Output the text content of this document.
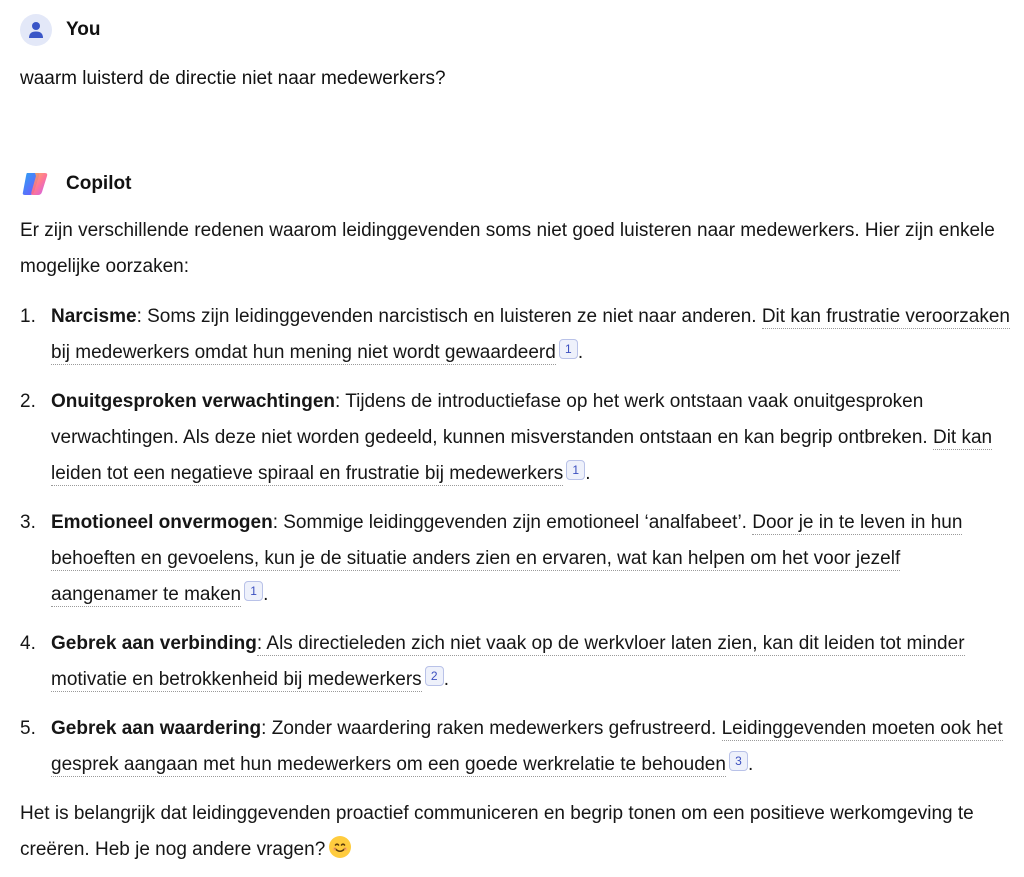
You
waarm luisterd de directie niet naar medewerkers?
Copilot

Er zijn verschillende redenen waarom leidinggevenden soms niet goed luisteren naar medewerkers. Hier zijn enkele mogelijke oorzaken:

1. Narcisme: Soms zijn leidinggevenden narcistisch en luisteren ze niet naar anderen. Dit kan frustratie veroorzaken bij medewerkers omdat hun mening niet wordt gewaardeerd 1 .
2. Onuitgesproken verwachtingen: Tijdens de introductiefase op het werk ontstaan vaak onuitgesproken verwachtingen. Als deze niet worden gedeeld, kunnen misverstanden ontstaan en kan begrip ontbreken. Dit kan leiden tot een negatieve spiraal en frustratie bij medewerkers 1 .
3. Emotioneel onvermogen: Sommige leidinggevenden zijn emotioneel ‘analfabeet’. Door je in te leven in hun behoeften en gevoelens, kun je de situatie anders zien en ervaren, wat kan helpen om het voor jezelf aangenamer te maken 1 .
4. Gebrek aan verbinding: Als directieleden zich niet vaak op de werkvloer laten zien, kan dit leiden tot minder motivatie en betrokkenheid bij medewerkers 2 .
5. Gebrek aan waardering: Zonder waardering raken medewerkers gefrustreerd. Leidinggevenden moeten ook het gesprek aangaan met hun medewerkers om een goede werkrelatie te behouden 3 .

Het is belangrijk dat leidinggevenden proactief communiceren en begrip tonen om een positieve werkomgeving te creëren. Heb je nog andere vragen?
